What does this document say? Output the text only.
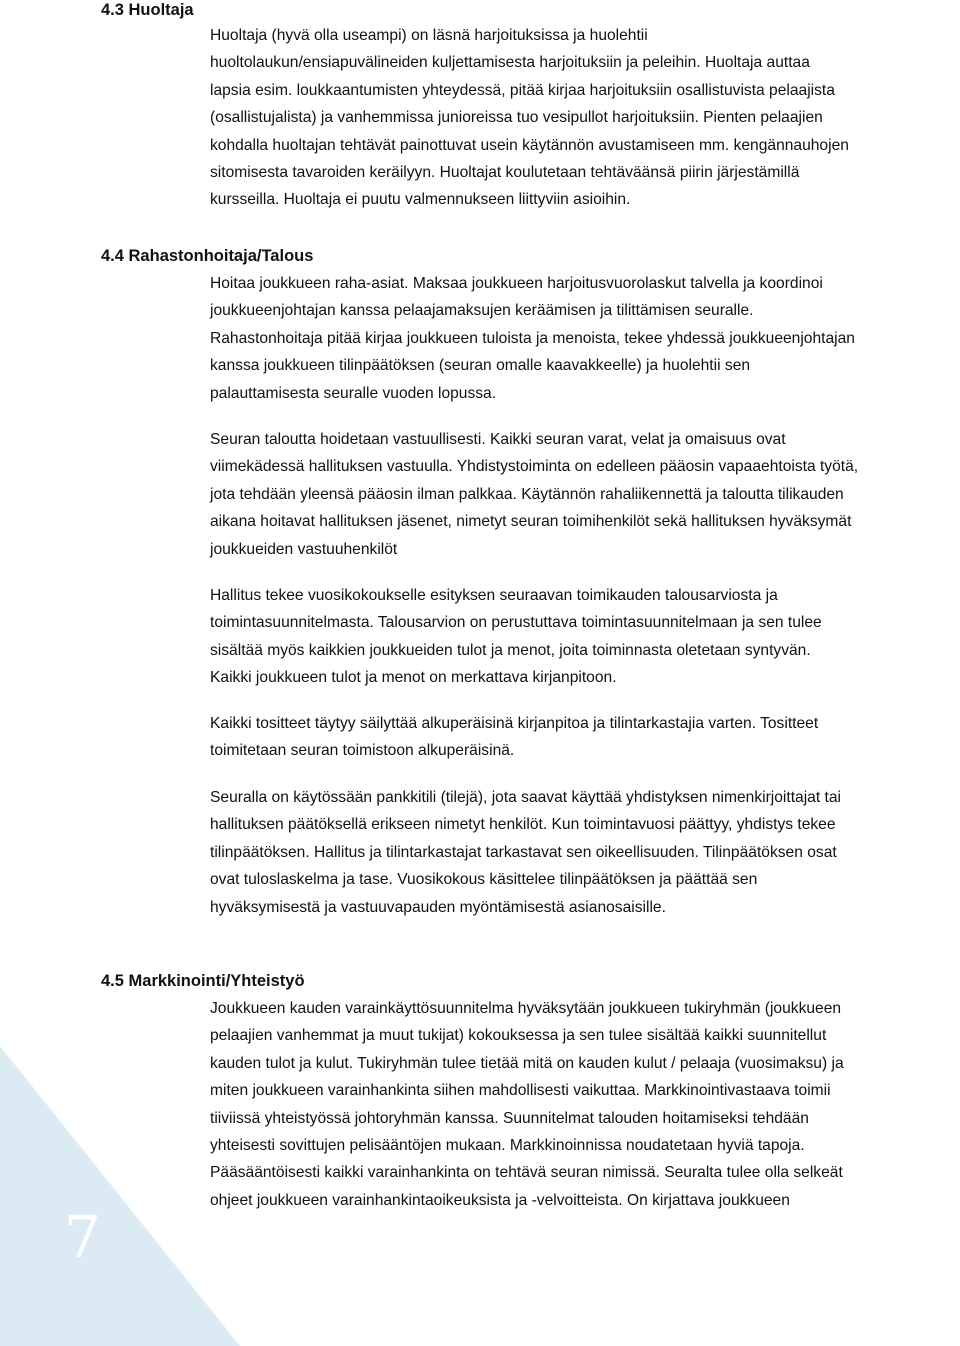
7
4.3 Huoltaja
Huoltaja (hyvä olla useampi) on läsnä harjoituksissa ja huolehtii
huoltolaukun/ensiapuvälineiden kuljettamisesta harjoituksiin ja peleihin. Huoltaja auttaa
lapsia esim. loukkaantumisten yhteydessä, pitää kirjaa harjoituksiin osallistuvista pelaajista
(osallistujalista) ja vanhemmissa junioreissa tuo vesipullot harjoituksiin. Pienten pelaajien
kohdalla huoltajan tehtävät painottuvat usein käytännön avustamiseen mm. kengännauhojen
sitomisesta tavaroiden keräilyyn. Huoltajat koulutetaan tehtäväänsä piirin järjestämillä
kursseilla. Huoltaja ei puutu valmennukseen liittyviin asioihin.
4.4 Rahastonhoitaja/Talous
Hoitaa joukkueen raha-asiat. Maksaa joukkueen harjoitusvuorolaskut talvella ja koordinoi
joukkueenjohtajan kanssa pelaajamaksujen keräämisen ja tilittämisen seuralle.
Rahastonhoitaja pitää kirjaa joukkueen tuloista ja menoista, tekee yhdessä joukkueenjohtajan
kanssa joukkueen tilinpäätöksen (seuran omalle kaavakkeelle) ja huolehtii sen
palauttamisesta seuralle vuoden lopussa.
Seuran taloutta hoidetaan vastuullisesti. Kaikki seuran varat, velat ja omaisuus ovat
viimekädessä hallituksen vastuulla. Yhdistystoiminta on edelleen pääosin vapaaehtoista työtä,
jota tehdään yleensä pääosin ilman palkkaa. Käytännön rahaliikennettä ja taloutta tilikauden
aikana hoitavat hallituksen jäsenet, nimetyt seuran toimihenkilöt sekä hallituksen hyväksymät
joukkueiden vastuuhenkilöt
Hallitus tekee vuosikokoukselle esityksen seuraavan toimikauden talousarviosta ja
toimintasuunnitelmasta. Talousarvion on perustuttava toimintasuunnitelmaan ja sen tulee
sisältää myös kaikkien joukkueiden tulot ja menot, joita toiminnasta oletetaan syntyvän.
Kaikki joukkueen tulot ja menot on merkattava kirjanpitoon.
Kaikki tositteet täytyy säilyttää alkuperäisinä kirjanpitoa ja tilintarkastajia varten. Tositteet
toimitetaan seuran toimistoon alkuperäisinä.
Seuralla on käytössään pankkitili (tilejä), jota saavat käyttää yhdistyksen nimenkirjoittajat tai
hallituksen päätöksellä erikseen nimetyt henkilöt. Kun toimintavuosi päättyy, yhdistys tekee
tilinpäätöksen. Hallitus ja tilintarkastajat tarkastavat sen oikeellisuuden. Tilinpäätöksen osat
ovat tuloslaskelma ja tase. Vuosikokous käsittelee tilinpäätöksen ja päättää sen
hyväksymisestä ja vastuuvapauden myöntämisestä asianosaisille.
4.5 Markkinointi/Yhteistyö
Joukkueen kauden varainkäyttösuunnitelma hyväksytään joukkueen tukiryhmän (joukkueen
pelaajien vanhemmat ja muut tukijat) kokouksessa ja sen tulee sisältää kaikki suunnitellut
kauden tulot ja kulut. Tukiryhmän tulee tietää mitä on kauden kulut / pelaaja (vuosimaksu) ja
miten joukkueen varainhankinta siihen mahdollisesti vaikuttaa. Markkinointivastaava toimii
tiiviissä yhteistyössä johtoryhmän kanssa. Suunnitelmat talouden hoitamiseksi tehdään
yhteisesti sovittujen pelisääntöjen mukaan. Markkinoinnissa noudatetaan hyviä tapoja.
Pääsääntöisesti kaikki varainhankinta on tehtävä seuran nimissä. Seuralta tulee olla selkeät
ohjeet joukkueen varainhankintaoikeuksista ja -velvoitteista. On kirjattava joukkueen
